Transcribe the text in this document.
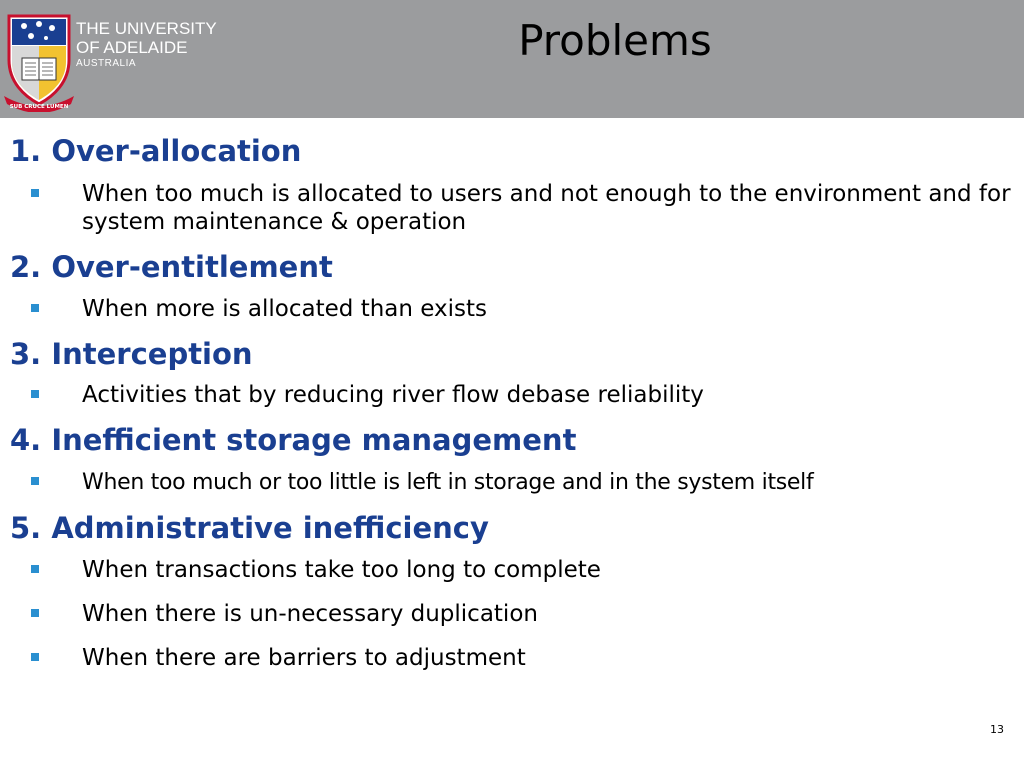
SUB CRUCE LUMEN
THE UNIVERSITY
OF ADELAIDE
AUSTRALIA	Problems
1. Over-allocation
When too much is allocated to users and not enough to the environment and for system maintenance & operation
2. Over-entitlement
When more is allocated than exists
3. Interception
Activities that by reducing river flow debase reliability
4. Inefficient storage management
When too much or too little is left in storage and in the system itself
5. Administrative inefficiency
When transactions take too long to complete
When there is un-necessary duplication
When there are barriers to adjustment
13
